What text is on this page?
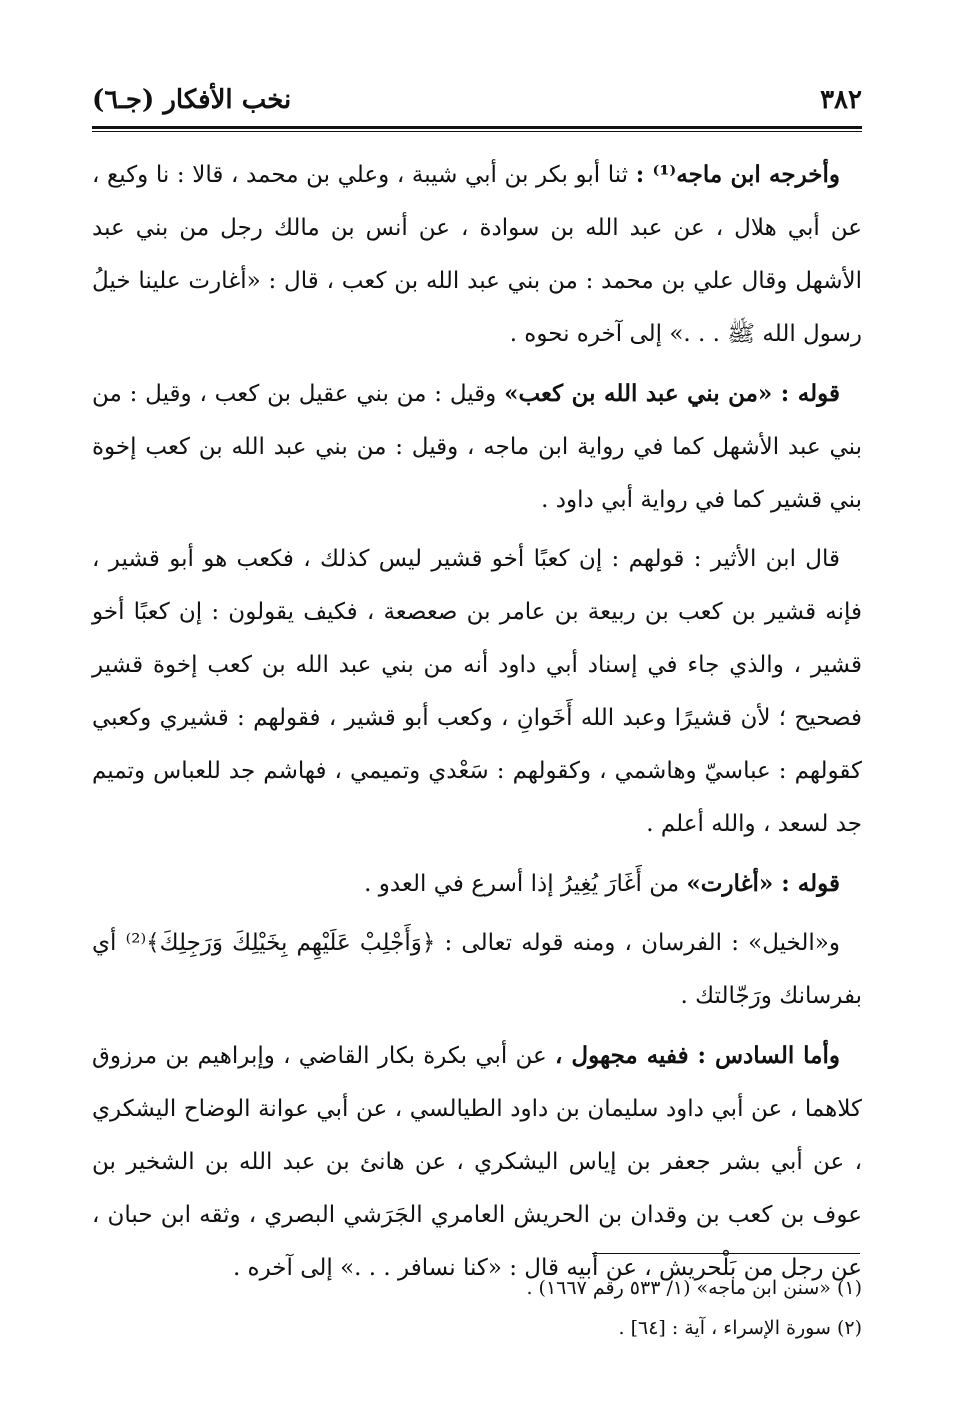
٣٨٢
نخب الأفكار (جـ٦)

وأخرجه ابن ماجه⁽¹⁾ : ثنا أبو بكر بن أبي شيبة ، وعلي بن محمد ، قالا : نا وكيع ، عن أبي هلال ، عن عبد الله بن سوادة ، عن أنس بن مالك رجل من بني عبد الأشهل وقال علي بن محمد : من بني عبد الله بن كعب ، قال : «أغارت علينا خيلُ رسول الله ﷺ . . .» إلى آخره نحوه .

قوله : «من بني عبد الله بن كعب» وقيل : من بني عقيل بن كعب ، وقيل : من بني عبد الأشهل كما في رواية ابن ماجه ، وقيل : من بني عبد الله بن كعب إخوة بني قشير كما في رواية أبي داود .

قال ابن الأثير : قولهم : إن كعبًا أخو قشير ليس كذلك ، فكعب هو أبو قشير ، فإنه قشير بن كعب بن ربيعة بن عامر بن صعصعة ، فكيف يقولون : إن كعبًا أخو قشير ، والذي جاء في إسناد أبي داود أنه من بني عبد الله بن كعب إخوة قشير فصحيح ؛ لأن قشيرًا وعبد الله أَخَوانِ ، وكعب أبو قشير ، فقولهم : قشيري وكعبي كقولهم : عباسيّ وهاشمي ، وكقولهم : سَعْدي وتميمي ، فهاشم جد للعباس وتميم جد لسعد ، والله أعلم .

قوله : «أغارت» من أَغَارَ يُغِيرُ إذا أسرع في العدو .

و«الخيل» : الفرسان ، ومنه قوله تعالى : ﴿وَأَجْلِبْ عَلَيْهِم بِخَيْلِكَ وَرَجِلِكَ﴾⁽²⁾ أي بفرسانك ورَجّالتك .

وأما السادس : ففيه مجهول ، عن أبي بكرة بكار القاضي ، وإبراهيم بن مرزوق كلاهما ، عن أبي داود سليمان بن داود الطيالسي ، عن أبي عوانة الوضاح اليشكري ، عن أبي بشر جعفر بن إياس اليشكري ، عن هانئ بن عبد الله بن الشخير بن عوف بن كعب بن وقدان بن الحريش العامري الجَرَشي البصري ، وثقه ابن حبان ، عن رجل من بَلْحريش ، عن أبيه قال : «كنا نسافر . . .» إلى آخره .

(١) «سنن ابن ماجه» (١/ ٥٣٣ رقم ١٦٦٧) .
(٢) سورة الإسراء ، آية : [٦٤] .
